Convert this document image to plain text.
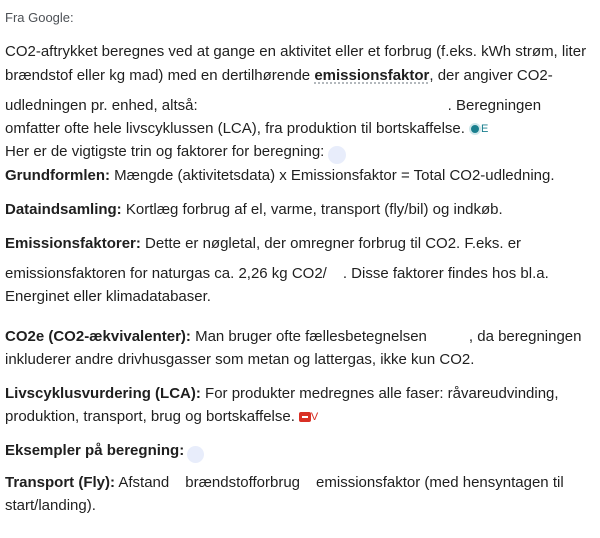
Fra Google:
CO2-aftrykket beregnes ved at gange en aktivitet eller et forbrug (f.eks. kWh strøm, liter
brændstof eller kg mad) med en dertilhørende emissionsfaktor, der angiver CO2-
udledningen pr. enhed, altså:	. Beregningen
omfatter ofte hele livscyklussen (LCA), fra produktion til bortskaffelse. E
Her er de vigtigste trin og faktorer for beregning:
Grundformlen: Mængde (aktivitetsdata) x Emissionsfaktor = Total CO2-udledning.
Dataindsamling: Kortlæg forbrug af el, varme, transport (fly/bil) og indkøb.
Emissionsfaktorer: Dette er nøgletal, der omregner forbrug til CO2. F.eks. er
emissionsfaktoren for naturgas ca. 2,26 kg CO2/ . Disse faktorer findes hos bl.a.
Energinet eller klimadatabaser.
CO2e (CO2-ækvivalenter): Man bruger ofte fællesbetegnelsen	, da beregningen
inkluderer andre drivhusgasser som metan og lattergas, ikke kun CO2.
Livscyklusvurdering (LCA): For produkter medregnes alle faser: råvareudvinding,
produktion, transport, brug og bortskaffelse. V
Eksempler på beregning:
Transport (Fly): Afstand brændstofforbrug emissionsfaktor (med hensyntagen til
start/landing).
